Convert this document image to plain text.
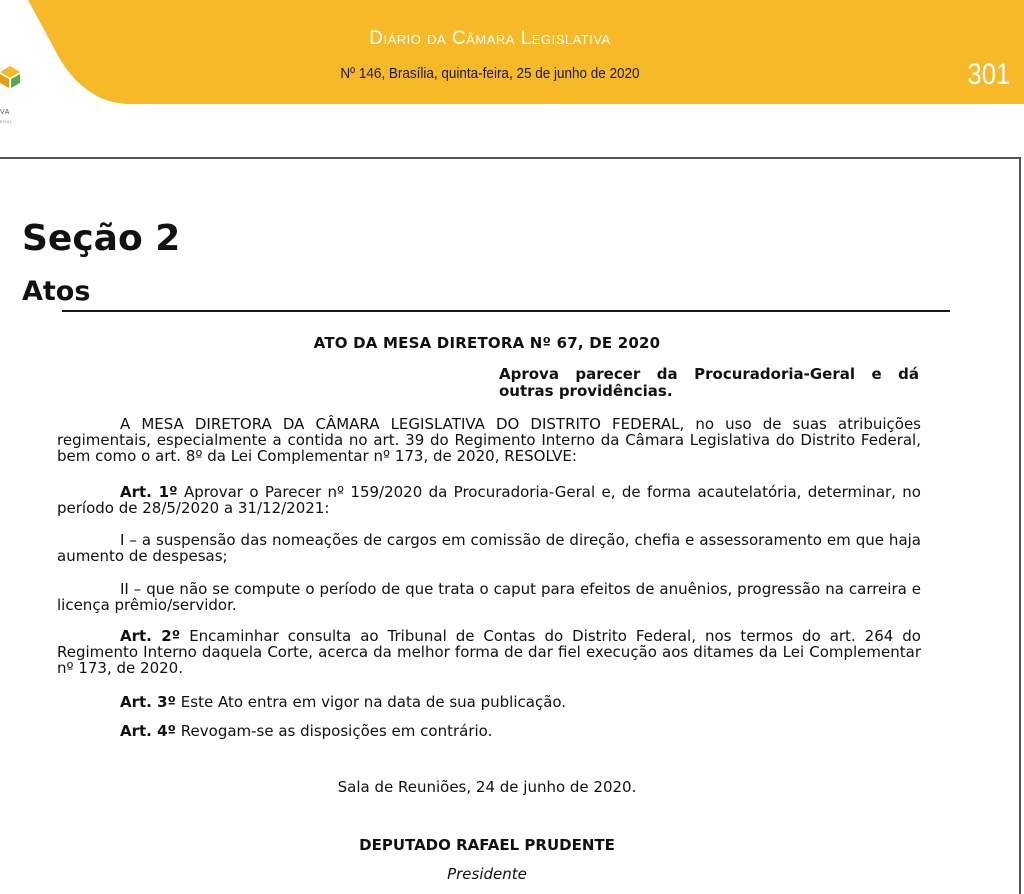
VA
ERAL
Diário da Câmara Legislativa
Nº 146, Brasília, quinta-feira, 25 de junho de 2020	301
Seção 2
Atos
ATO DA MESA DIRETORA Nº 67, DE 2020
Aprova parecer da Procuradoria-Geral e dá outras providências.
A MESA DIRETORA DA CÂMARA LEGISLATIVA DO DISTRITO FEDERAL, no uso de suas atribuições regimentais, especialmente a contida no art. 39 do Regimento Interno da Câmara Legislativa do Distrito Federal, bem como o art. 8º da Lei Complementar nº 173, de 2020, RESOLVE:
Art. 1º Aprovar o Parecer nº 159/2020 da Procuradoria-Geral e, de forma acautelatória, determinar, no período de 28/5/2020 a 31/12/2021:
I – a suspensão das nomeações de cargos em comissão de direção, chefia e assessoramento em que haja aumento de despesas;
II – que não se compute o período de que trata o caput para efeitos de anuênios, progressão na carreira e licença prêmio/servidor.
Art. 2º Encaminhar consulta ao Tribunal de Contas do Distrito Federal, nos termos do art. 264 do Regimento Interno daquela Corte, acerca da melhor forma de dar fiel execução aos ditames da Lei Complementar nº 173, de 2020.
Art. 3º Este Ato entra em vigor na data de sua publicação.
Art. 4º Revogam-se as disposições em contrário.
Sala de Reuniões, 24 de junho de 2020.
DEPUTADO RAFAEL PRUDENTE
Presidente
